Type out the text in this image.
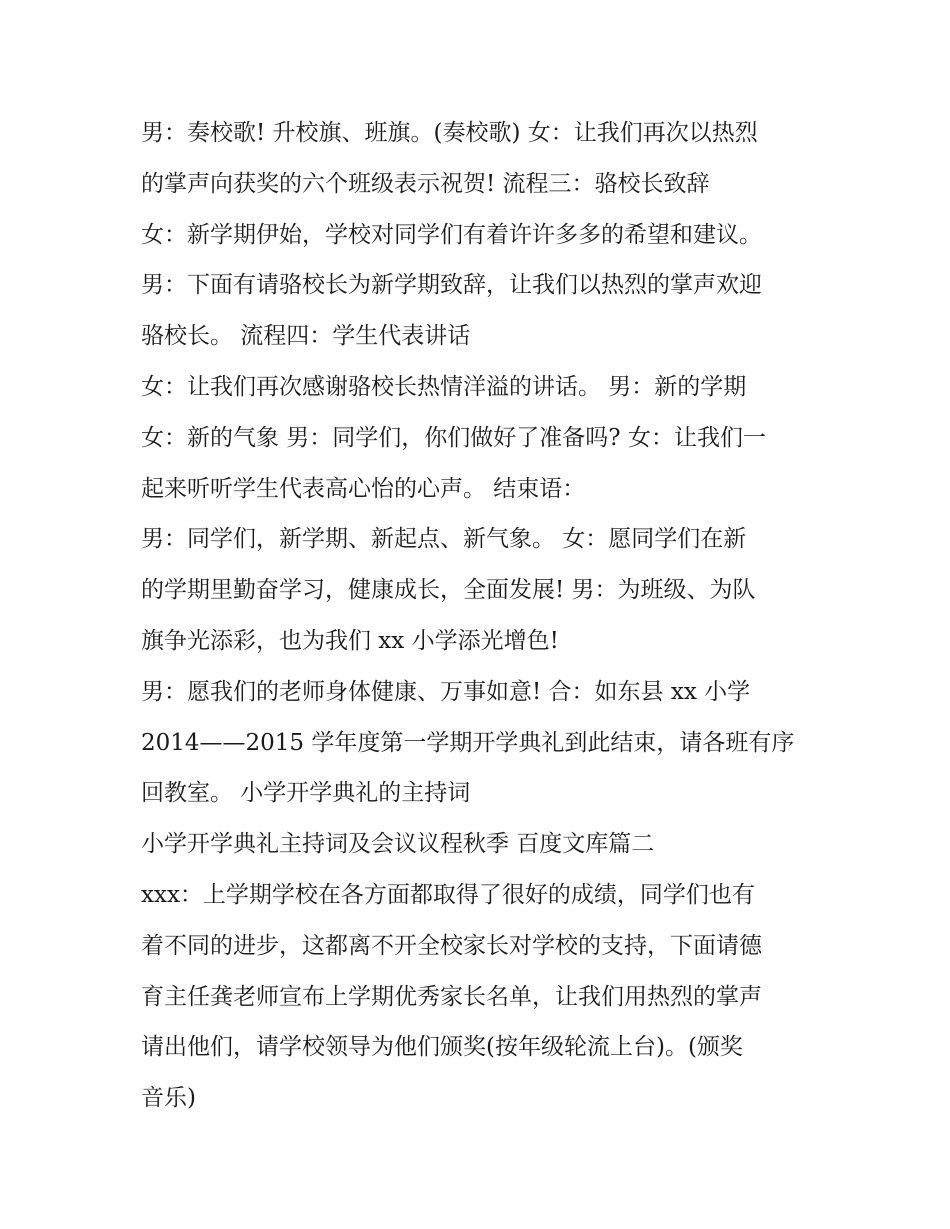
男：奏校歌! 升校旗、班旗。(奏校歌) 女：让我们再次以热烈
的掌声向获奖的六个班级表示祝贺! 流程三：骆校长致辞
女：新学期伊始，学校对同学们有着许许多多的希望和建议。
男：下面有请骆校长为新学期致辞，让我们以热烈的掌声欢迎
骆校长。 流程四：学生代表讲话
女：让我们再次感谢骆校长热情洋溢的讲话。 男：新的学期
女：新的气象 男：同学们，你们做好了准备吗? 女：让我们一
起来听听学生代表高心怡的心声。 结束语：
男：同学们，新学期、新起点、新气象。 女：愿同学们在新
的学期里勤奋学习，健康成长，全面发展! 男：为班级、为队
旗争光添彩，也为我们 xx 小学添光增色!
男：愿我们的老师身体健康、万事如意! 合：如东县 xx 小学
2014——2015 学年度第一学期开学典礼到此结束，请各班有序
回教室。 小学开学典礼的主持词
小学开学典礼主持词及会议议程秋季 百度文库篇二
xxx：上学期学校在各方面都取得了很好的成绩，同学们也有
着不同的进步，这都离不开全校家长对学校的支持，下面请德
育主任龚老师宣布上学期优秀家长名单，让我们用热烈的掌声
请出他们，请学校领导为他们颁奖(按年级轮流上台)。(颁奖
音乐)
